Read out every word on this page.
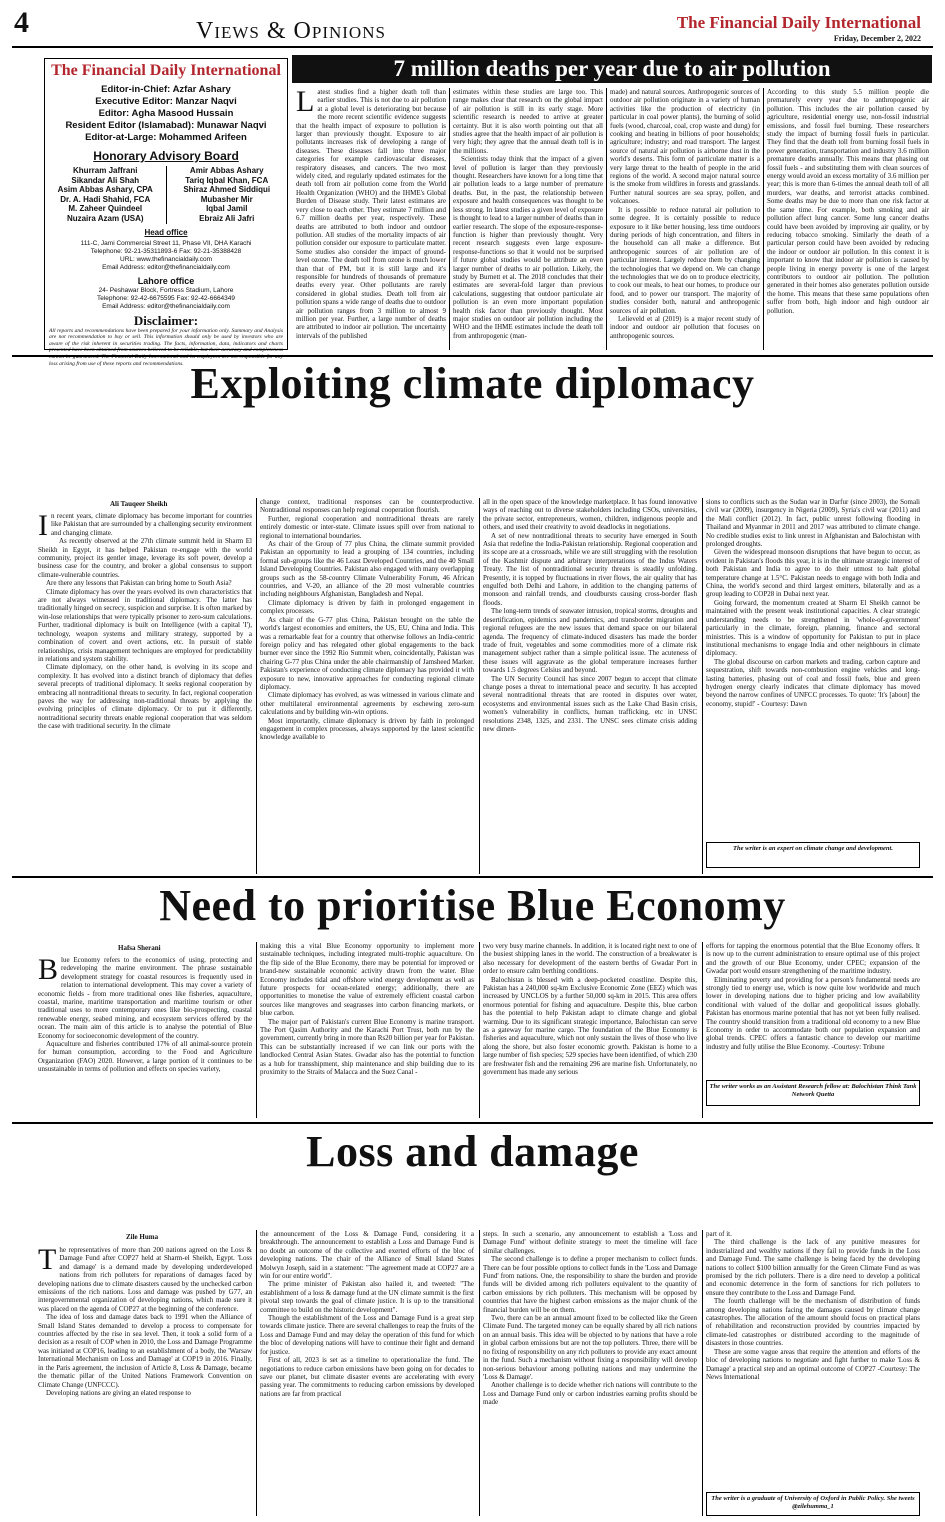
4	Views & Opinions	The Financial Daily International
Friday, December 2, 2022
The Financial Daily International
Editor-in-Chief: Azfar Ashary
Executive Editor: Manzar Naqvi
Editor: Agha Masood Hussain
Resident Editor (Islamabad): Munawar Naqvi
Editor-at-Large: Mohammed Arifeen
Honorary Advisory Board
Khurram Jaffrani
Sikandar Ali Shah
Asim Abbas Ashary, CPA
Dr. A. Hadi Shahid, FCA
M. Zaheer Quindeel
Nuzaira Azam (USA)
Amir Abbas Ashary
Tariq Iqbal Khan, FCA
Shiraz Ahmed Siddiqui
Mubasher Mir
Iqbal Jamil
Ebraiz Ali Jafri
Head office
111-C, Jami Commercial Street 11, Phase VII, DHA Karachi
Telephone: 92-21-35311893-6 Fax: 92-21-35388428
URL: www.thefinancialdaily.com
Email Address: editor@thefinancialdaily.com
Lahore office
24- Peshawar Block, Fortress Stadium, Lahore
Telephone: 92-42-6675595 Fax: 92-42-6664349
Email Address: editor@thefinancialdaily.com
Disclaimer:
All reports and recommendations have been prepared for your information only. Summary and Analysis are not recommendation to buy or sell. This information should only be used by investors who are aware of the risk inherent in securities trading. The facts, information, data, indicators and charts presented have been obtained from sources believed to be reliable, but their accuracy and completeness cannot be guaranteed. The Financial Daily International and its employees are not responsible for any loss arising from use of these reports and recommendations.
7 million deaths per year due to air pollution

Latest studies find a higher death toll than earlier studies. This is not due to air pollution at a global level is deteriorating but because the more recent scientific evidence suggests that the health impact of exposure to pollution is larger than previously thought. Exposure to air pollutants increases risk of developing a range of diseases. These diseases fall into three major categories for example cardiovascular diseases, respiratory diseases, and cancers. The two most widely cited, and regularly updated estimates for the death toll from air pollution come from the World Health Organization (WHO) and the IHME's Global Burden of Disease study. Their latest estimates are very close to each other. They estimate 7 million and 6.7 million deaths per year, respectively. These deaths are attributed to both indoor and outdoor pollution. All studies of the mortality impacts of air pollution consider our exposure to particulate matter. Some studies also consider the impact of ground-level ozone. The death toll from ozone is much lower than that of PM, but it is still large and it's responsible for hundreds of thousands of premature deaths every year. Other pollutants are rarely considered in global studies. Death toll from air pollution spans a wide range of deaths due to outdoor air pollution ranges from 3 million to almost 9 million per year. Further, a large number of deaths are attributed to indoor air pollution. The uncertainty intervals of the published

estimates within these studies are large too. This range makes clear that research on the global impact of air pollution is still in its early stage. More scientific research is needed to arrive at greater certainty. But it is also worth pointing out that all studies agree that the health impact of air pollution is very high; they agree that the annual death toll is in the millions.

Scientists today think that the impact of a given level of pollution is larger than they previously thought. Researchers have known for a long time that air pollution leads to a large number of premature deaths. But, in the past, the relationship between exposure and health consequences was thought to be less strong. In latest studies a given level of exposure is thought to lead to a larger number of deaths than in earlier research. The slope of the exposure-response-function is higher than previously thought. Very recent research suggests even large exposure-response-functions so that it would not be surprised if future global studies would be attribute an even larger number of deaths to air pollution. Likely, the study by Burnett et al. The 2018 concludes that their estimates are several-fold larger than previous calculations, suggesting that outdoor particulate air pollution is an even more important population health risk factor than previously thought. Most major studies on outdoor air pollution including the WHO and the IHME estimates include the death toll from anthropogenic (man-

made) and natural sources. Anthropogenic sources of outdoor air pollution originate in a variety of human activities like the production of electricity (in particular in coal power plants), the burning of solid fuels (wood, charcoal, coal, crop waste and dung) for cooking and heating in billions of poor households; agriculture; industry; and road transport. The largest source of natural air pollution is airborne dust in the world's deserts. This form of particulate matter is a very large threat to the health of people in the arid regions of the world. A second major natural source is the smoke from wildfires in forests and grasslands. Further natural sources are sea spray, pollen, and volcanoes.

It is possible to reduce natural air pollution to some degree. It is certainly possible to reduce exposure to it like better housing, less time outdoors during periods of high concentration, and filters in the household can all make a difference. But anthropogenic sources of air pollution are of particular interest. Largely reduce them by changing the technologies that we depend on. We can change the technologies that we do on to produce electricity, to cook our meals, to heat our homes, to produce our food, and to power our transport. The majority of studies consider both, natural and anthropogenic sources of air pollution.

Lelieveld et al (2019) is a major recent study of indoor and outdoor air pollution that focuses on anthropogenic sources.

According to this study 5.5 million people die prematurely every year due to anthropogenic air pollution. This includes the air pollution caused by agriculture, residential energy use, non-fossil industrial emissions, and fossil fuel burning. These researchers study the impact of burning fossil fuels in particular. They find that the death toll from burning fossil fuels in power generation, transportation and industry 3.6 million premature deaths annually. This means that phasing out fossil fuels - and substituting them with clean sources of energy would avoid an excess mortality of 3.6 million per year; this is more than 6-times the annual death toll of all murders, war deaths, and terrorist attacks combined. Some deaths may be due to more than one risk factor at the same time. For example, both smoking and air pollution affect lung cancer. Some lung cancer deaths could have been avoided by improving air quality, or by reducing tobacco smoking. Similarly the death of a particular person could have been avoided by reducing the indoor or outdoor air pollution. In this context it is important to know that indoor air pollution is caused by people living in energy poverty is one of the largest contributors to outdoor air pollution. The pollution generated in their homes also generates pollution outside the home. This means that these same populations often suffer from both, high indoor and high outdoor air pollution.

Exploiting climate diplomacy
Ali Tauqeer Sheikh

In recent years, climate diplomacy has become important for countries like Pakistan that are surrounded by a challenging security environment and changing climate.

As recently observed at the 27th climate summit held in Sharm El Sheikh in Egypt, it has helped Pakistan re-engage with the world community, project its gentler image, leverage its soft power, develop a business case for the country, and broker a global consensus to support climate-vulnerable countries.

Are there any lessons that Pakistan can bring home to South Asia?

Climate diplomacy has over the years evolved its own characteristics that are not always witnessed in traditional diplomacy. The latter has traditionally hinged on secrecy, suspicion and surprise. It is often marked by win-lose relationships that were typically prisoner to zero-sum calculations. Further, traditional diplomacy is built on Intelligence (with a capital 'I'), technology, weapon systems and military strategy, supported by a combination of covert and overt actions, etc. In pursuit of stable relationships, crisis management techniques are employed for predictability in relations and system stability.

Climate diplomacy, on the other hand, is evolving in its scope and complexity. It has evolved into a distinct branch of diplomacy that defies several precepts of traditional diplomacy. It seeks regional cooperation by embracing all nontraditional threats to security. In fact, regional cooperation paves the way for addressing non-traditional threats by applying the evolving principles of climate diplomacy. Or to put it differently, nontraditional security threats enable regional cooperation that was seldom the case with traditional security. In the climate

change context, traditional responses can be counterproductive. Nontraditional responses can help regional cooperation flourish.

Further, regional cooperation and nontraditional threats are rarely entirely domestic or inter-state. Climate issues spill over from national to regional to international boundaries.

As chair of the Group of 77 plus China, the climate summit provided Pakistan an opportunity to lead a grouping of 134 countries, including formal sub-groups like the 46 Least Developed Countries, and the 40 Small Island Developing Countries. Pakistan also engaged with many overlapping groups such as the 58-country Climate Vulnerability Forum, 46 African countries, and V-20, an alliance of the 20 most vulnerable countries including neighbours Afghanistan, Bangladesh and Nepal.

Climate diplomacy is driven by faith in prolonged engagement in complex processes.

As chair of the G-77 plus China, Pakistan brought on the table the world's largest economies and emitters, the US, EU, China and India. This was a remarkable feat for a country that otherwise follows an India-centric foreign policy and has relegated other global engagements to the back burner ever since the 1992 Rio Summit when, coincidentally, Pakistan was chairing G-77 plus China under the able chairmanship of Jamsheed Marker. Pakistan's experience of conducting climate diplomacy has provided it with exposure to new, innovative approaches for conducting regional climate diplomacy.

Climate diplomacy has evolved, as was witnessed in various climate and other multilateral environmental agreements by eschewing zero-sum calculations and by building win-win options.

Most importantly, climate diplomacy is driven by faith in prolonged engagement in complex processes, always supported by the latest scientific knowledge available to

all in the open space of the knowledge marketplace. It has found innovative ways of reaching out to diverse stakeholders including CSOs, universities, the private sector, entrepreneurs, women, children, indigenous people and others, and used their creativity to avoid deadlocks in negotiations.

A set of new nontraditional threats to security have emerged in South Asia that redefine the India-Pakistan relationship. Regional cooperation and its scope are at a crossroads, while we are still struggling with the resolution of the Kashmir dispute and arbitrary interpretations of the Indus Waters Treaty. The list of nontraditional security threats is steadily unfolding. Presently, it is topped by fluctuations in river flows, the air quality that has engulfed both Delhi and Lahore, in addition to the changing patterns of monsoon and rainfall trends, and cloudbursts causing cross-border flash floods.

The long-term trends of seawater intrusion, tropical storms, droughts and desertification, epidemics and pandemics, and transborder migration and regional refugees are the new issues that demand space on our bilateral agenda. The frequency of climate-induced disasters has made the border trade of fruit, vegetables and some commodities more of a climate risk management subject rather than a simple political issue. The acuteness of these issues will aggravate as the global temperature increases further towards 1.5 degrees Celsius and beyond.

The UN Security Council has since 2007 begun to accept that climate change poses a threat to international peace and security. It has accepted several nontraditional threats that are rooted in disputes over water, ecosystems and environmental issues such as the Lake Chad Basin crisis, women's vulnerability in conflicts, human trafficking, etc in UNSC resolutions 2348, 1325, and 2331. The UNSC sees climate crisis adding new dimen-

sions to conflicts such as the Sudan war in Darfur (since 2003), the Somali civil war (2009), insurgency in Nigeria (2009), Syria's civil war (2011) and the Mali conflict (2012). In fact, public unrest following flooding in Thailand and Myanmar in 2011 and 2017 was attributed to climate change. No credible studies exist to link unrest in Afghanistan and Balochistan with prolonged droughts.

Given the widespread monsoon disruptions that have begun to occur, as evident in Pakistan's floods this year, it is in the ultimate strategic interest of both Pakistan and India to agree to do their utmost to halt global temperature change at 1.5°C. Pakistan needs to engage with both India and China, the world's second and third largest emitters, bilaterally and as a group leading to COP28 in Dubai next year.

Going forward, the momentum created at Sharm El Sheikh cannot be maintained with the present weak institutional capacities. A clear strategic understanding needs to be strengthened in 'whole-of-government' particularly in the climate, foreign, planning, finance and sectoral ministries. This is a window of opportunity for Pakistan to put in place institutional mechanisms to engage India and other neighbours in climate diplomacy.

The global discourse on carbon markets and trading, carbon capture and sequestration, shift towards non-combustion engine vehicles and long-lasting batteries, phasing out of coal and fossil fuels, blue and green hydrogen energy clearly indicates that climate diplomacy has moved beyond the narrow confines of UNFCC processes. To quote: 'It's [about] the economy, stupid!' - Courtesy: Dawn

The writer is an expert on climate change and development.
Need to prioritise Blue Economy
Hafsa Sherani

Blue Economy refers to the economics of using, protecting and redeveloping the marine environment. The phrase sustainable development strategy for coastal resources is frequently used in relation to international development. This may cover a variety of economic fields - from more traditional ones like fisheries, aquaculture, coastal, marine, maritime transportation and maritime tourism or other traditional uses to more contemporary ones like bio-prospecting, coastal renewable energy, seabed mining, and ecosystem services offered by the ocean. The main aim of this article is to analyse the potential of Blue Economy for socioeconomic development of the country.

Aquaculture and fisheries contributed 17% of all animal-source protein for human consumption, according to the Food and Agriculture Organization (FAO) 2020. However, a large portion of it continues to be unsustainable in terms of pollution and effects on species variety,

making this a vital Blue Economy opportunity to implement more sustainable techniques, including integrated multi-trophic aquaculture. On the flip side of the Blue Economy, there may be potential for improved or brand-new sustainable economic activity drawn from the water. Blue Economy includes tidal and offshore wind energy development as well as future prospects for ocean-related energy; additionally, there are opportunities to monetise the value of extremely efficient coastal carbon sources like mangroves and seagrasses into carbon financing markets, or blue carbon.

The major part of Pakistan's current Blue Economy is marine transport. The Port Qasim Authority and the Karachi Port Trust, both run by the government, currently bring in more than Rs20 billion per year for Pakistan. This can be substantially increased if we can link our ports with the landlocked Central Asian States. Gwadar also has the potential to function as a hub for transshipment, ship maintenance and ship building due to its proximity to the Straits of Malacca and the Suez Canal -

two very busy marine channels. In addition, it is located right next to one of the busiest shipping lanes in the world. The construction of a breakwater is also necessary for development of the eastern berths of Gwadar Port in order to ensure calm berthing conditions.

Balochistan is blessed with a deep-pocketed coastline. Despite this, Pakistan has a 240,000 sq-km Exclusive Economic Zone (EEZ) which was increased by UNCLOS by a further 50,000 sq-km in 2015. This area offers enormous potential for fishing and aquaculture. Despite this, blue carbon has the potential to help Pakistan adapt to climate change and global warming. Due to its significant strategic importance, Balochistan can serve as a gateway for marine cargo. The foundation of the Blue Economy is fisheries and aquaculture, which not only sustain the lives of those who live along the shore, but also foster economic growth. Pakistan is home to a large number of fish species; 529 species have been identified, of which 230 are freshwater fish and the remaining 296 are marine fish. Unfortunately, no government has made any serious

efforts for tapping the enormous potential that the Blue Economy offers. It is now up to the current administration to ensure optimal use of this project and the growth of our Blue Economy, under CPEC; expansion of the Gwadar port would ensure strengthening of the maritime industry.

Eliminating poverty and providing for a person's fundamental needs are strongly tied to energy use, which is now quite low worldwide and much lower in developing nations due to higher pricing and low availability conditional with valued of the dollar and geopolitical issues globally. Pakistan has enormous marine potential that has not yet been fully realised. The country should transition from a traditional old economy to a new Blue Economy in order to accommodate both our population expansion and global trends. CPEC offers a fantastic chance to develop our maritime industry and fully utilise the Blue Economy. -Courtesy: Tribune

The writer works as an Assistant Research fellow at: Balochistan Think Tank Network Quetta
Loss and damage
Zile Huma

The representatives of more than 200 nations agreed on the Loss & Damage Fund after COP27 held at Sharm-el Sheikh, Egypt. 'Loss and damage' is a demand made by developing underdeveloped nations from rich polluters for reparations of damages faced by developing nations due to climate disasters caused by the unchecked carbon emissions of the rich nations. Loss and damage was pushed by G77, an intergovernmental organization of developing nations, which made sure it was placed on the agenda of COP27 at the beginning of the conference.

The idea of loss and damage dates back to 1991 when the Alliance of Small Island States demanded to develop a process to compensate for countries affected by the rise in sea level. Then, it took a solid form of a decision as a result of COP when in 2010, the Loss and Damage Programme was initiated at COP16, leading to an establishment of a body, the 'Warsaw International Mechanism on Loss and Damage' at COP19 in 2016. Finally, in the Paris agreement, the inclusion of Article 8, Loss & Damage, became the thematic pillar of the United Nations Framework Convention on Climate Change (UNFCCC).

Developing nations are giving an elated response to

the announcement of the Loss & Damage Fund, considering it a breakthrough. The announcement to establish a Loss and Damage Fund is no doubt an outcome of the collective and exerted efforts of the bloc of developing nations. The chair of the Alliance of Small Island States Molwyn Joseph, said in a statement: "The agreement made at COP27 are a win for our entire world".

The prime minister of Pakistan also hailed it, and tweeted: "The establishment of a loss & damage fund at the UN climate summit is the first pivotal step towards the goal of climate justice. It is up to the transitional committee to build on the historic development".

Though the establishment of the Loss and Damage Fund is a great step towards climate justice. There are several challenges to reap the fruits of the Loss and Damage Fund and may delay the operation of this fund for which the bloc of developing nations will have to continue their fight and demand for justice.

First of all, 2023 is set as a timeline to operationalize the fund. The negotiations to reduce carbon emissions have been going on for decades to save our planet, but climate disaster events are accelerating with every passing year. The commitments to reducing carbon emissions by developed nations are far from practical

steps. In such a scenario, any announcement to establish a 'Loss and Damage Fund' without definite strategy to meet the timeline will face similar challenges.

The second challenge is to define a proper mechanism to collect funds. There can be four possible options to collect funds in the 'Loss and Damage Fund' from nations. One, the responsibility to share the burden and provide funds will be divided among rich polluters equivalent to the quantity of carbon emissions by rich polluters. This mechanism will be opposed by countries that have the highest carbon emissions as the major chunk of the financial burden will be on them.

Two, there can be an annual amount fixed to be collected like the Green Climate Fund. The targeted money can be equally shared by all rich nations on an annual basis. This idea will be objected to by nations that have a role in global carbon emissions but are not the top polluters. Three, there will be no fixing of responsibility on any rich polluters to provide any exact amount in the fund. Such a mechanism without fixing a responsibility will develop non-serious behaviour among polluting nations and may undermine the 'Loss & Damage'.

Another challenge is to decide whether rich nations will contribute to the Loss and Damage Fund only or carbon industries earning profits should be made

part of it.

The third challenge is the lack of any punitive measures for industrialized and wealthy nations if they fail to provide funds in the Loss and Damage Fund. The same challenge is being faced by the developing nations to collect $100 billion annually for the Green Climate Fund as was promised by the rich polluters. There is a dire need to develop a political and economic deterrence in the form of sanctions for rich polluters to ensure they contribute to the Loss and Damage Fund.

The fourth challenge will be the mechanism of distribution of funds among developing nations facing the damages caused by climate change catastrophes. The allocation of the amount should focus on practical plans of rehabilitation and reconstruction provided by countries impacted by climate-led catastrophes or distributed according to the magnitude of disasters in those countries.

These are some vague areas that require the attention and efforts of the bloc of developing nations to negotiate and fight further to make 'Loss & Damage' a practical step and an optimal outcome of COP27 -Courtesy: The News International

The writer is a graduate of University of Oxford in Public Policy. She tweets @zilehumma_1
